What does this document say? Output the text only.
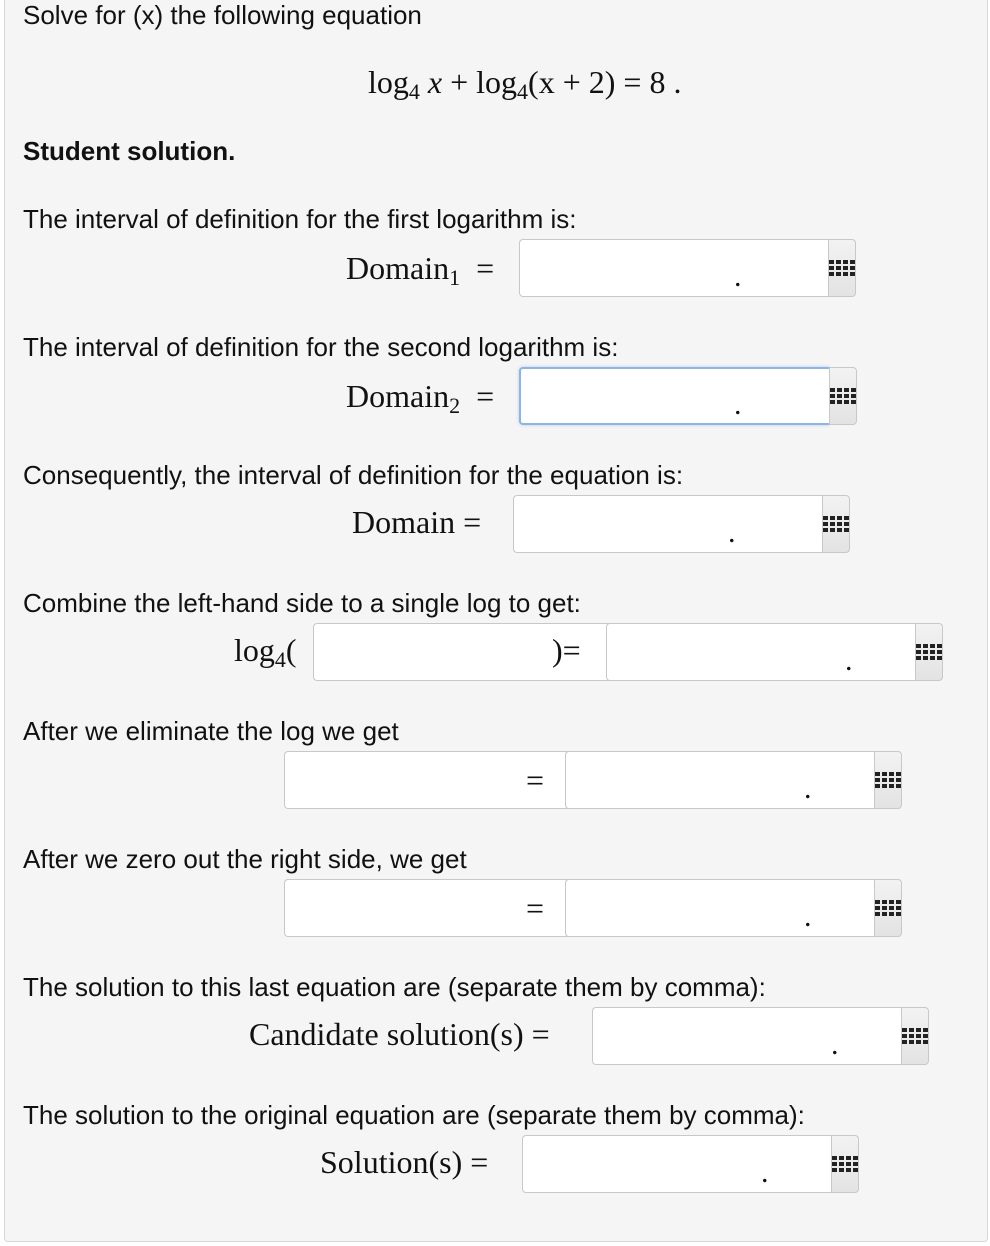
Solve for (x) the following equation
$\log_4 x + \log_4(x + 2) = 8$ .
Student solution.
The interval of definition for the first logarithm is:
Domain$_1$ =	.
The interval of definition for the second logarithm is:
Domain$_2$ =	.
Consequently, the interval of definition for the equation is:
Domain =	.
Combine the left-hand side to a single log to get:
$\log_4$(	)=	.
After we eliminate the log we get
=	.
After we zero out the right side, we get
=	.
The solution to this last equation are (separate them by comma):
Candidate solution(s) =	.
The solution to the original equation are (separate them by comma):
Solution(s) =	.
